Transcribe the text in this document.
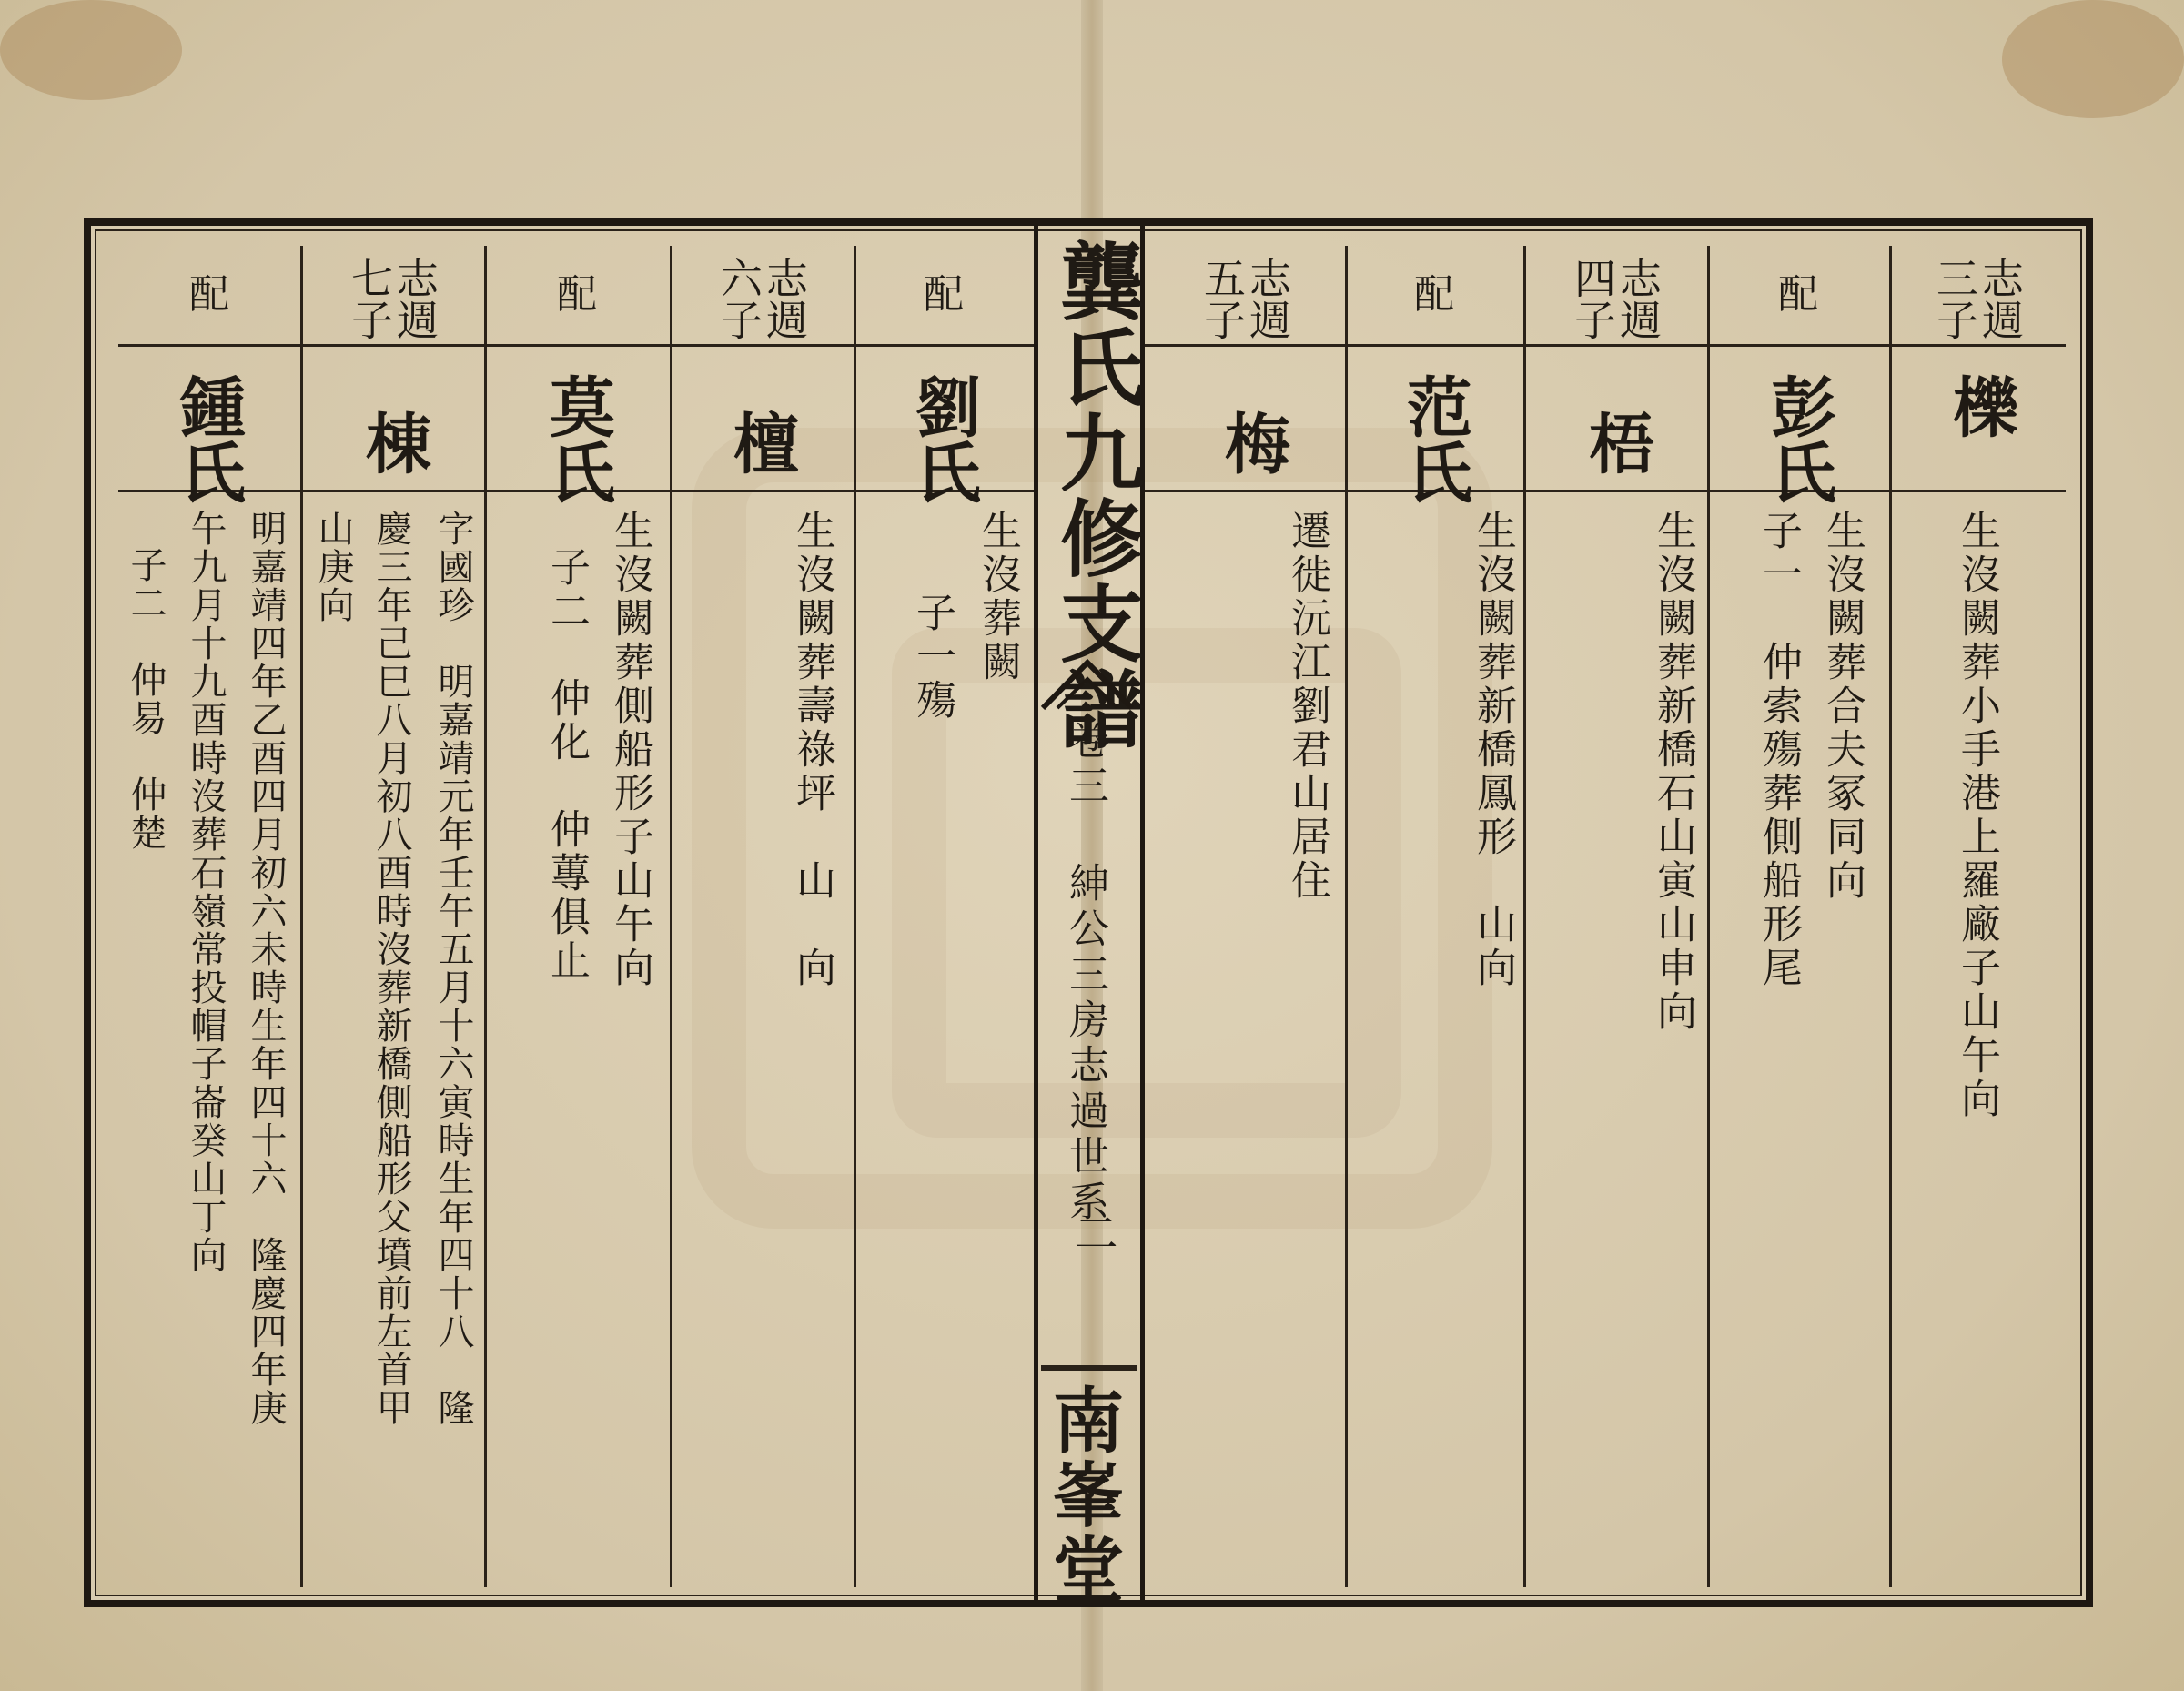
龔氏九修支譜
卷三 紳公三房志過世系
二
南峯堂
志週
三子
櫟
生沒闕葬小手港上羅廠子山午向
配
彭氏
生沒闕葬合夫冢同向
子一　仲索殤葬側船形尾
志週
四子
梧
生沒闕葬新橋石山寅山申向
配
范氏
生沒闕葬新橋鳳形　山向
志週
五子
梅
遷徙沅江劉君山居住
配
劉氏
生沒葬闕
子一殤
志週
六子
檀
生沒闕葬壽祿坪　山　向
配
莫氏
生沒闕葬側船形子山午向
子二　仲化　仲蓴俱止
志週
七子
棟
字國珍　明嘉靖元年壬午五月十六寅時生年四十八　隆
慶三年己巳八月初八酉時沒葬新橋側船形父墳前左首甲
山庚向
配
鍾氏
明嘉靖四年乙酉四月初六未時生年四十六　隆慶四年庚
午九月十九酉時沒葬石嶺常投帽子崙癸山丁向
子二　仲易　仲楚
